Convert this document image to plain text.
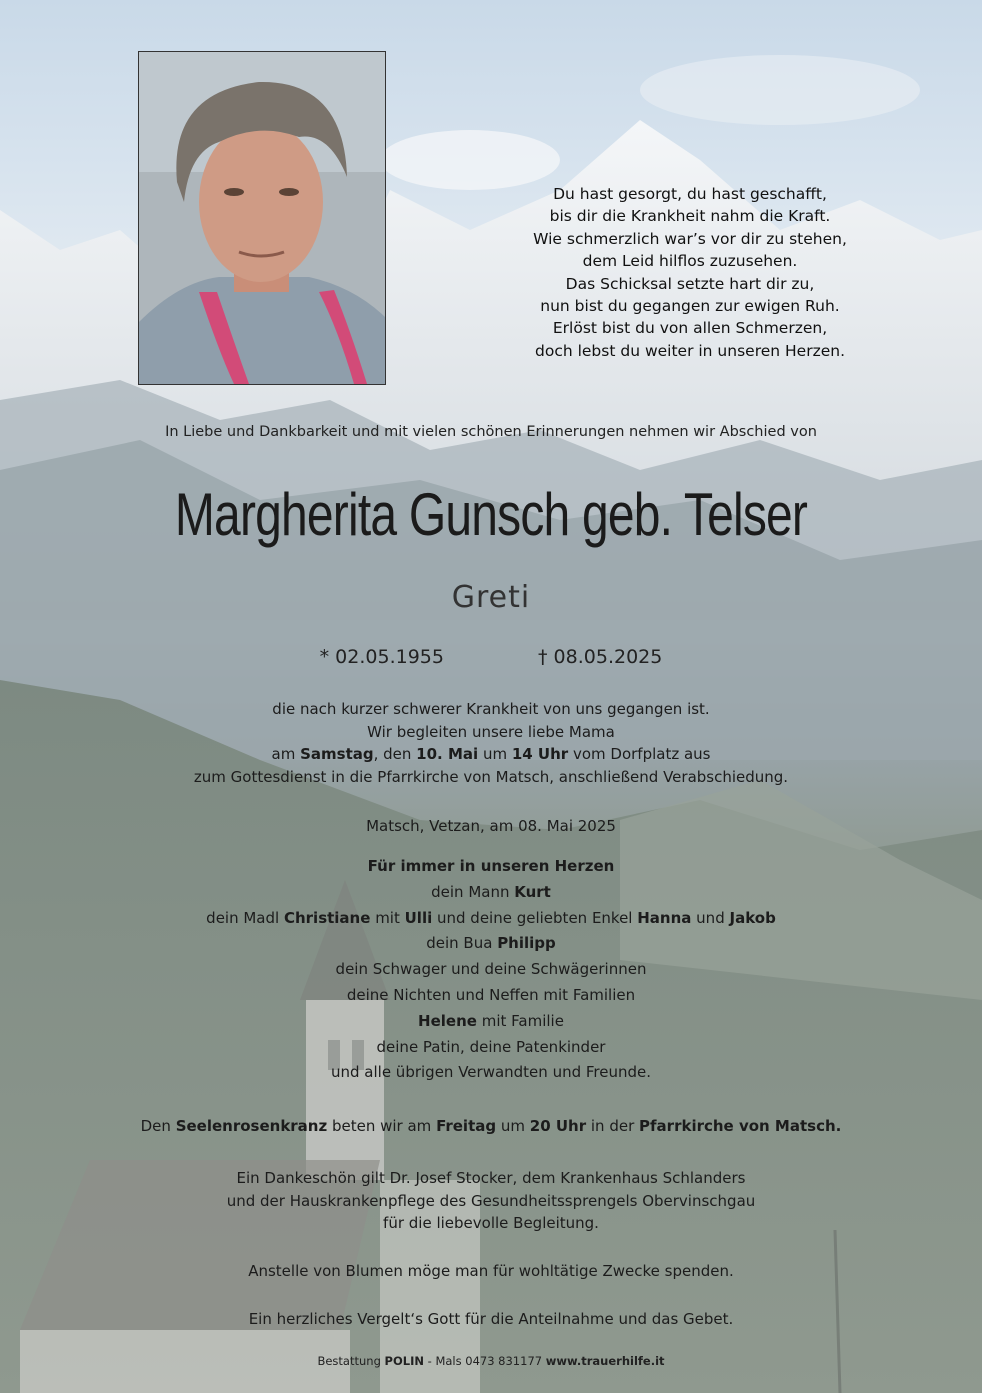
Du hast gesorgt, du hast geschafft,
bis dir die Krankheit nahm die Kraft.
Wie schmerzlich war’s vor dir zu stehen,
dem Leid hilflos zuzusehen.
Das Schicksal setzte hart dir zu,
nun bist du gegangen zur ewigen Ruh.
Erlöst bist du von allen Schmerzen,
doch lebst du weiter in unseren Herzen.
In Liebe und Dankbarkeit und mit vielen schönen Erinnerungen nehmen wir Abschied von
Margherita Gunsch geb. Telser
Greti
* 02.05.1955	† 08.05.2025
die nach kurzer schwerer Krankheit von uns gegangen ist.
Wir begleiten unsere liebe Mama
am Samstag, den 10. Mai um 14 Uhr vom Dorfplatz aus
zum Gottesdienst in die Pfarrkirche von Matsch, anschließend Verabschiedung.
Matsch, Vetzan, am 08. Mai 2025
Für immer in unseren Herzen
dein Mann Kurt
dein Madl Christiane mit Ulli und deine geliebten Enkel Hanna und Jakob
dein Bua Philipp
dein Schwager und deine Schwägerinnen
deine Nichten und Neffen mit Familien
Helene mit Familie
deine Patin, deine Patenkinder
und alle übrigen Verwandten und Freunde.
Den Seelenrosenkranz beten wir am Freitag um 20 Uhr in der Pfarrkirche von Matsch.
Ein Dankeschön gilt Dr. Josef Stocker, dem Krankenhaus Schlanders
und der Hauskrankenpflege des Gesundheitssprengels Obervinschgau
für die liebevolle Begleitung.
Anstelle von Blumen möge man für wohltätige Zwecke spenden.
Ein herzliches Vergelt‘s Gott für die Anteilnahme und das Gebet.
Bestattung POLIN - Mals 0473 831177 www.trauerhilfe.it
